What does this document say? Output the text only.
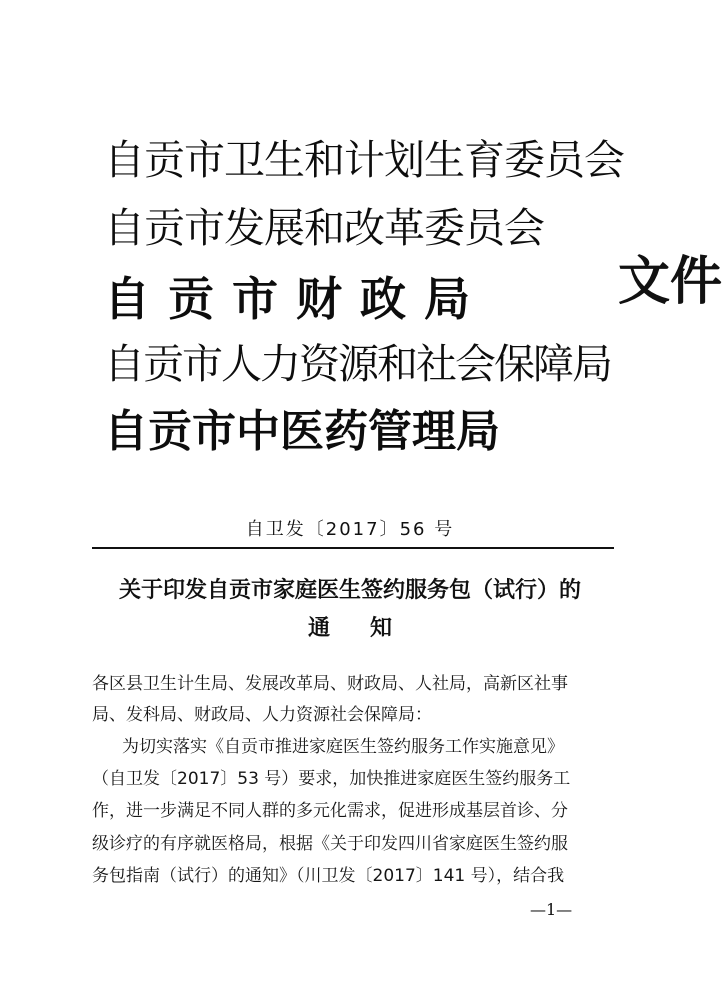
自贡市卫生和计划生育委员会
自贡市发展和改革委员会
自贡市财政局
自贡市人力资源和社会保障局
自贡市中医药管理局
文件
自卫发〔2017〕56 号
关于印发自贡市家庭医生签约服务包（试行）的
通知
各区县卫生计生局、发展改革局、财政局、人社局，高新区社事
局、发科局、财政局、人力资源社会保障局：
为切实落实《自贡市推进家庭医生签约服务工作实施意见》
（自卫发〔2017〕53 号）要求，加快推进家庭医生签约服务工
作，进一步满足不同人群的多元化需求，促进形成基层首诊、分
级诊疗的有序就医格局，根据《关于印发四川省家庭医生签约服
务包指南（试行）的通知》（川卫发〔2017〕141 号），结合我
—1—
